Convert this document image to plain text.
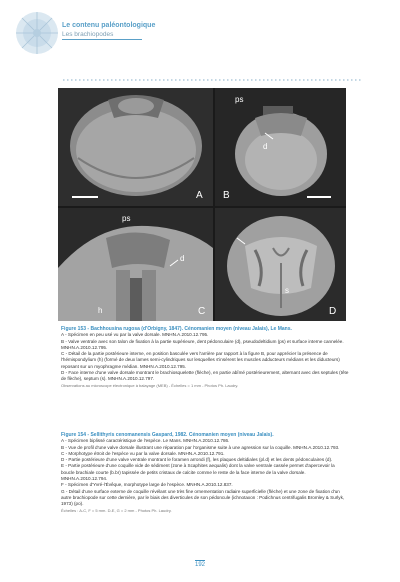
Le contenu paléontologique
Les brachiopodes
A
ps
d
B
ps
d
h	C
s
D

Figure 153 - Bachhousina rugosa (d'Orbigny, 1847). Cénomanien moyen (niveau Jalais), Le Mans.

A - Spécimen en peu usé vu par la valve dorsale. MNHN.A.2010.12.795.

B - Valve ventrale avec son talon de fixation à la partie supérieure, dent pédonculaire (d), pseudodeltidium (ps) et surface interne cannelée. MNHN.A.2010.12.795.

C - Détail de la partie postérieure interne, en position basculée vers l'arrière par rapport à la figure B, pour apprécier la présence de l'hémispondylium (h) (formé de deux lames semi-cylindriques sur lesquelles s'insèrent les muscles adducteurs médians et les diducteurs) reposant sur un myophragme médian. MNHN.A.2010.12.795.

D - Face interne d'une valve dorsale montrant le brachiosquelette (flèche), en partie abîmé postérieurement, alternant avec des septules (tête de flèche), septum (s). MNHN.A.2010.12.797.

Observations au microscope électronique à balayage (MEB) - Échelles = 1 mm - Photos Ph. Laudry.

Figure 154 - Sellithyris cenomanensis Gaspard, 1982. Cénomanien moyen (niveau Jalais).

A - Spécimen biplissé caractéristique de l'espèce. Le Mans. MNHN.A.2010.12.786.

B - Vue de profil d'une valve dorsale illustrant une réparation par l'organisme suite à une agression sur la coquille. MNHN.A.2010.12.793.

C - Morphotype étroit de l'espèce vu par la valve dorsale. MNHN.A.2010.12.791.

D - Partie postérieure d'une valve ventrale montrant le foramen arrondi (f), les plaques deltidiales (pl.d) et les dents pédonculaires (d).

E - Partie postérieure d'une coquille vide de sédiment (zone à Scaphites aequalis) dont la valve ventrale cassée permet d'apercevoir la boucle brachiale courte (b.br) tapissée de petits cristaux de calcite comme le reste de la face interne de la valve dorsale. MNHN.A.2010.12.794.

F - Spécimen d'Yvré-l'Évêque, morphotype large de l'espèce. MNHN.A.2010.12.837.

G - Détail d'une surface externe de coquille révélant une très fine ornementation radiaire superficielle (flèche) et une zone de fixation d'un autre brachiopode sur cette dernière, par le biais des diverticules de son pédoncule (ichnotaxon : Podichnus centrifugalis Bromley & Surlyk, 1973) (po).

Échelles : A-C, F = 5 mm. D-E, G = 2 mm - Photos Ph. Laudry.

192
